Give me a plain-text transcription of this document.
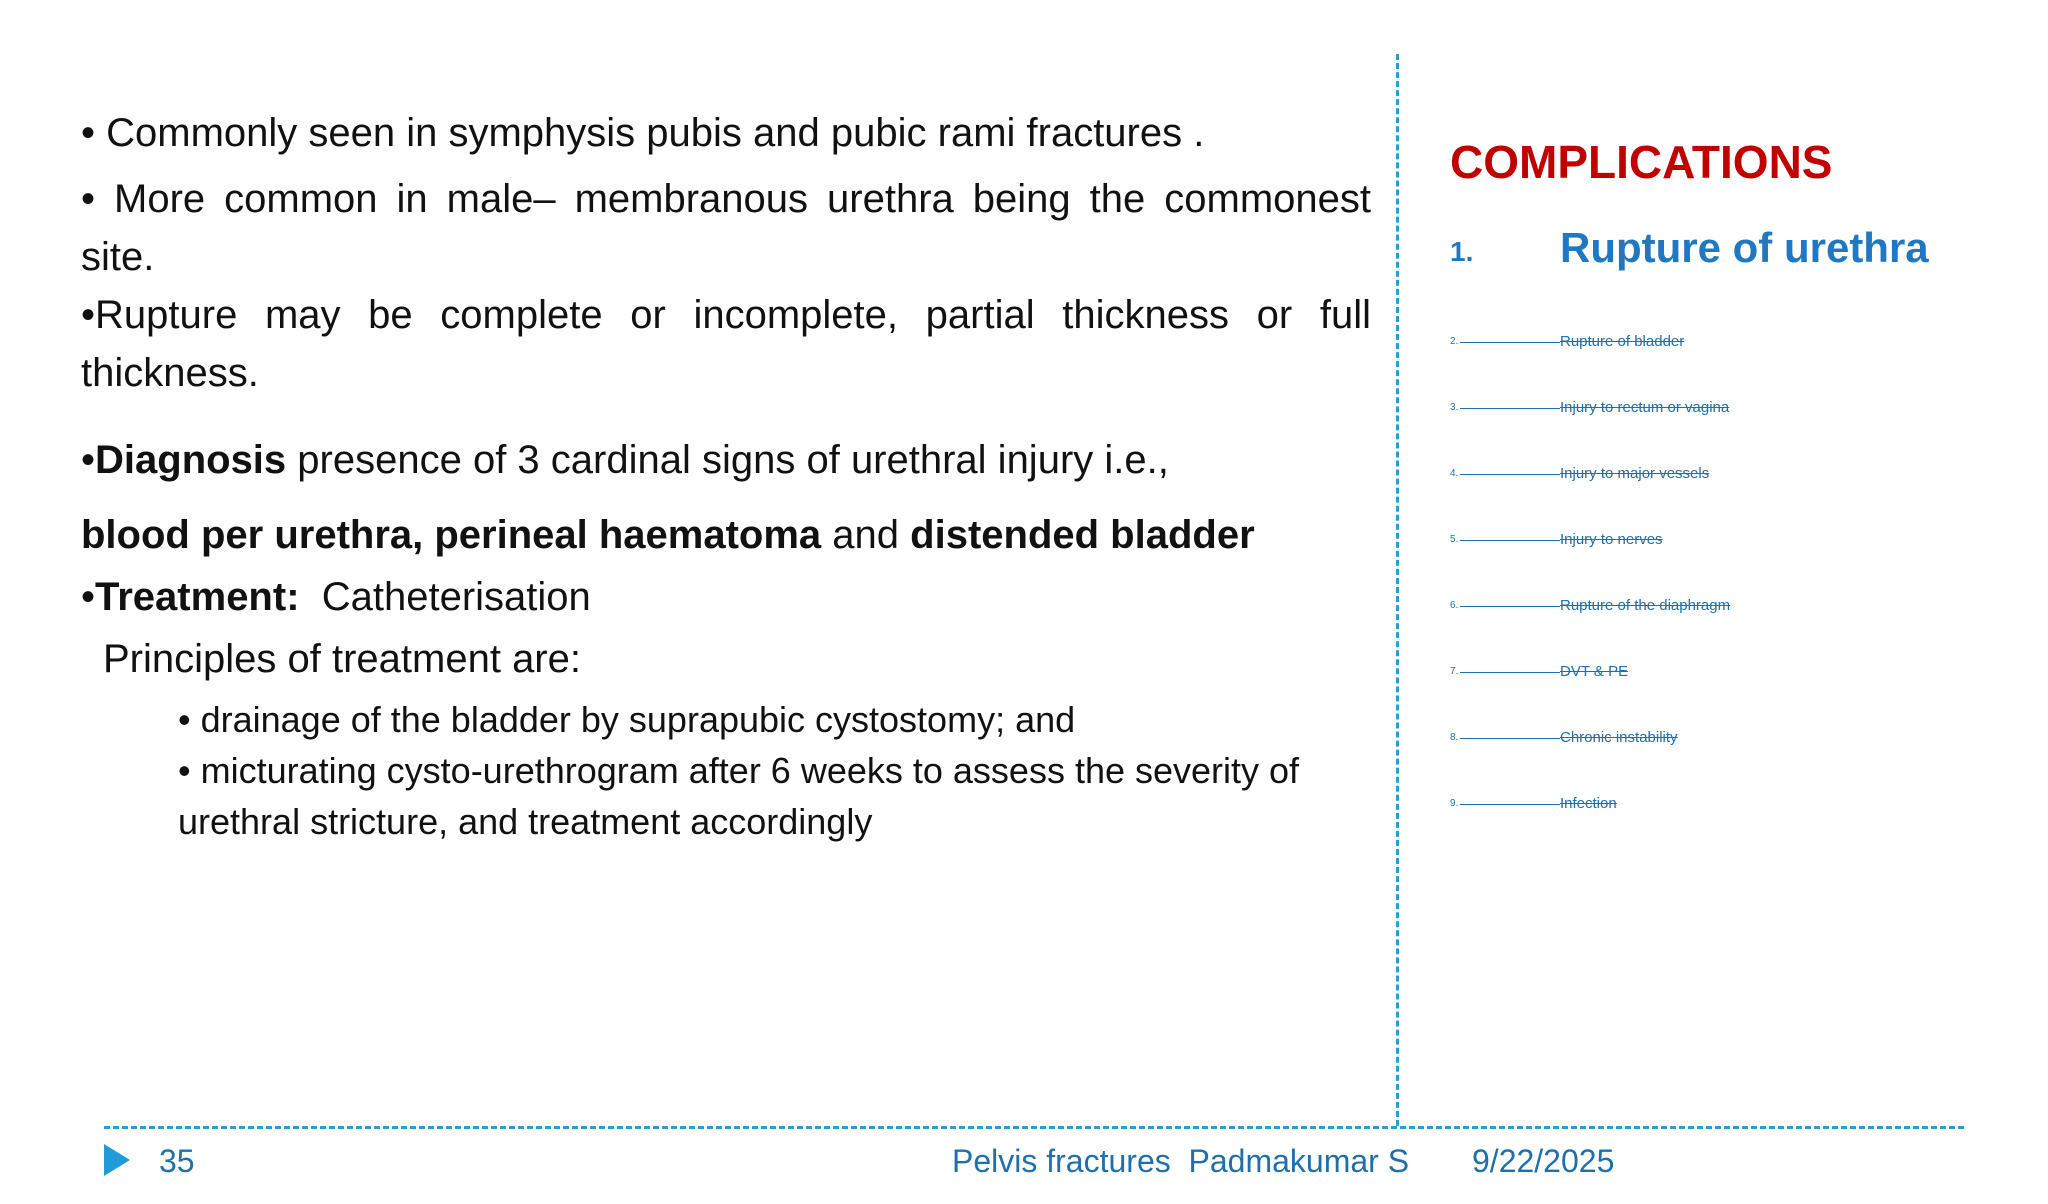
• Commonly seen in symphysis pubis and pubic rami fractures .

• More common in male– membranous urethra being the commonest site.

•Rupture may be complete or incomplete, partial thickness or full thickness.

•Diagnosis presence of 3 cardinal signs of urethral injury i.e.,

blood per urethra, perineal haematoma and distended bladder

•Treatment:  Catheterisation

Principles of treatment are:

• drainage of the bladder by suprapubic cystostomy; and
• micturating cysto-urethrogram after 6 weeks to assess the severity of urethral stricture, and treatment accordingly
COMPLICATIONS
1. Rupture of urethra
2.	Rupture of bladder
3.	Injury to rectum or vagina
4.	Injury to major vessels
5.	Injury to nerves
6.	Rupture of the diaphragm
7.	DVT & PE
8.	Chronic instability
9.	Infection
35	Pelvis fractures  Padmakumar S 9/22/2025
